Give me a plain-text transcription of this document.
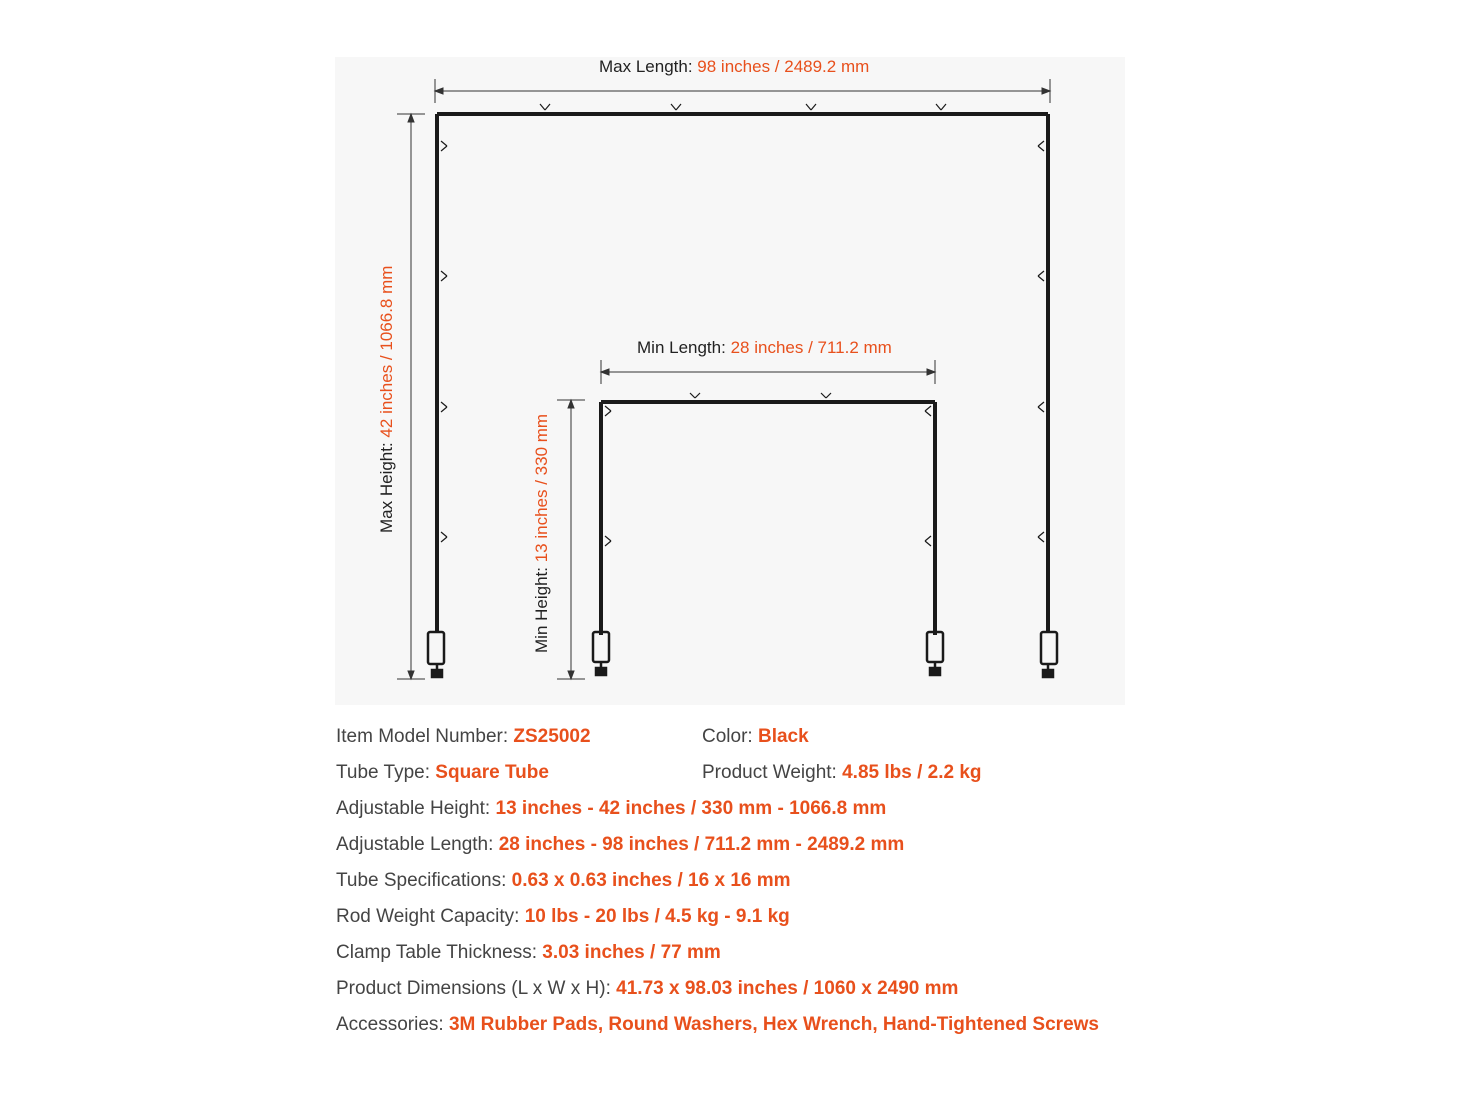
Max Length: 98 inches / 2489.2 mm
Max Height: 42 inches / 1066.8 mm	Min Length: 28 inches / 711.2 mm
Min Height: 13 inches / 330 mm
Item Model Number: ZS25002	Color: Black
Tube Type: Square Tube	Product Weight: 4.85 lbs / 2.2 kg
Adjustable Height: 13 inches - 42 inches / 330 mm - 1066.8 mm
Adjustable Length: 28 inches - 98 inches / 711.2 mm - 2489.2 mm
Tube Specifications: 0.63 x 0.63 inches / 16 x 16 mm
Rod Weight Capacity: 10 lbs - 20 lbs / 4.5 kg - 9.1 kg
Clamp Table Thickness: 3.03 inches / 77 mm
Product Dimensions (L x W x H): 41.73 x 98.03 inches / 1060 x 2490 mm
Accessories: 3M Rubber Pads, Round Washers, Hex Wrench, Hand-Tightened Screws
